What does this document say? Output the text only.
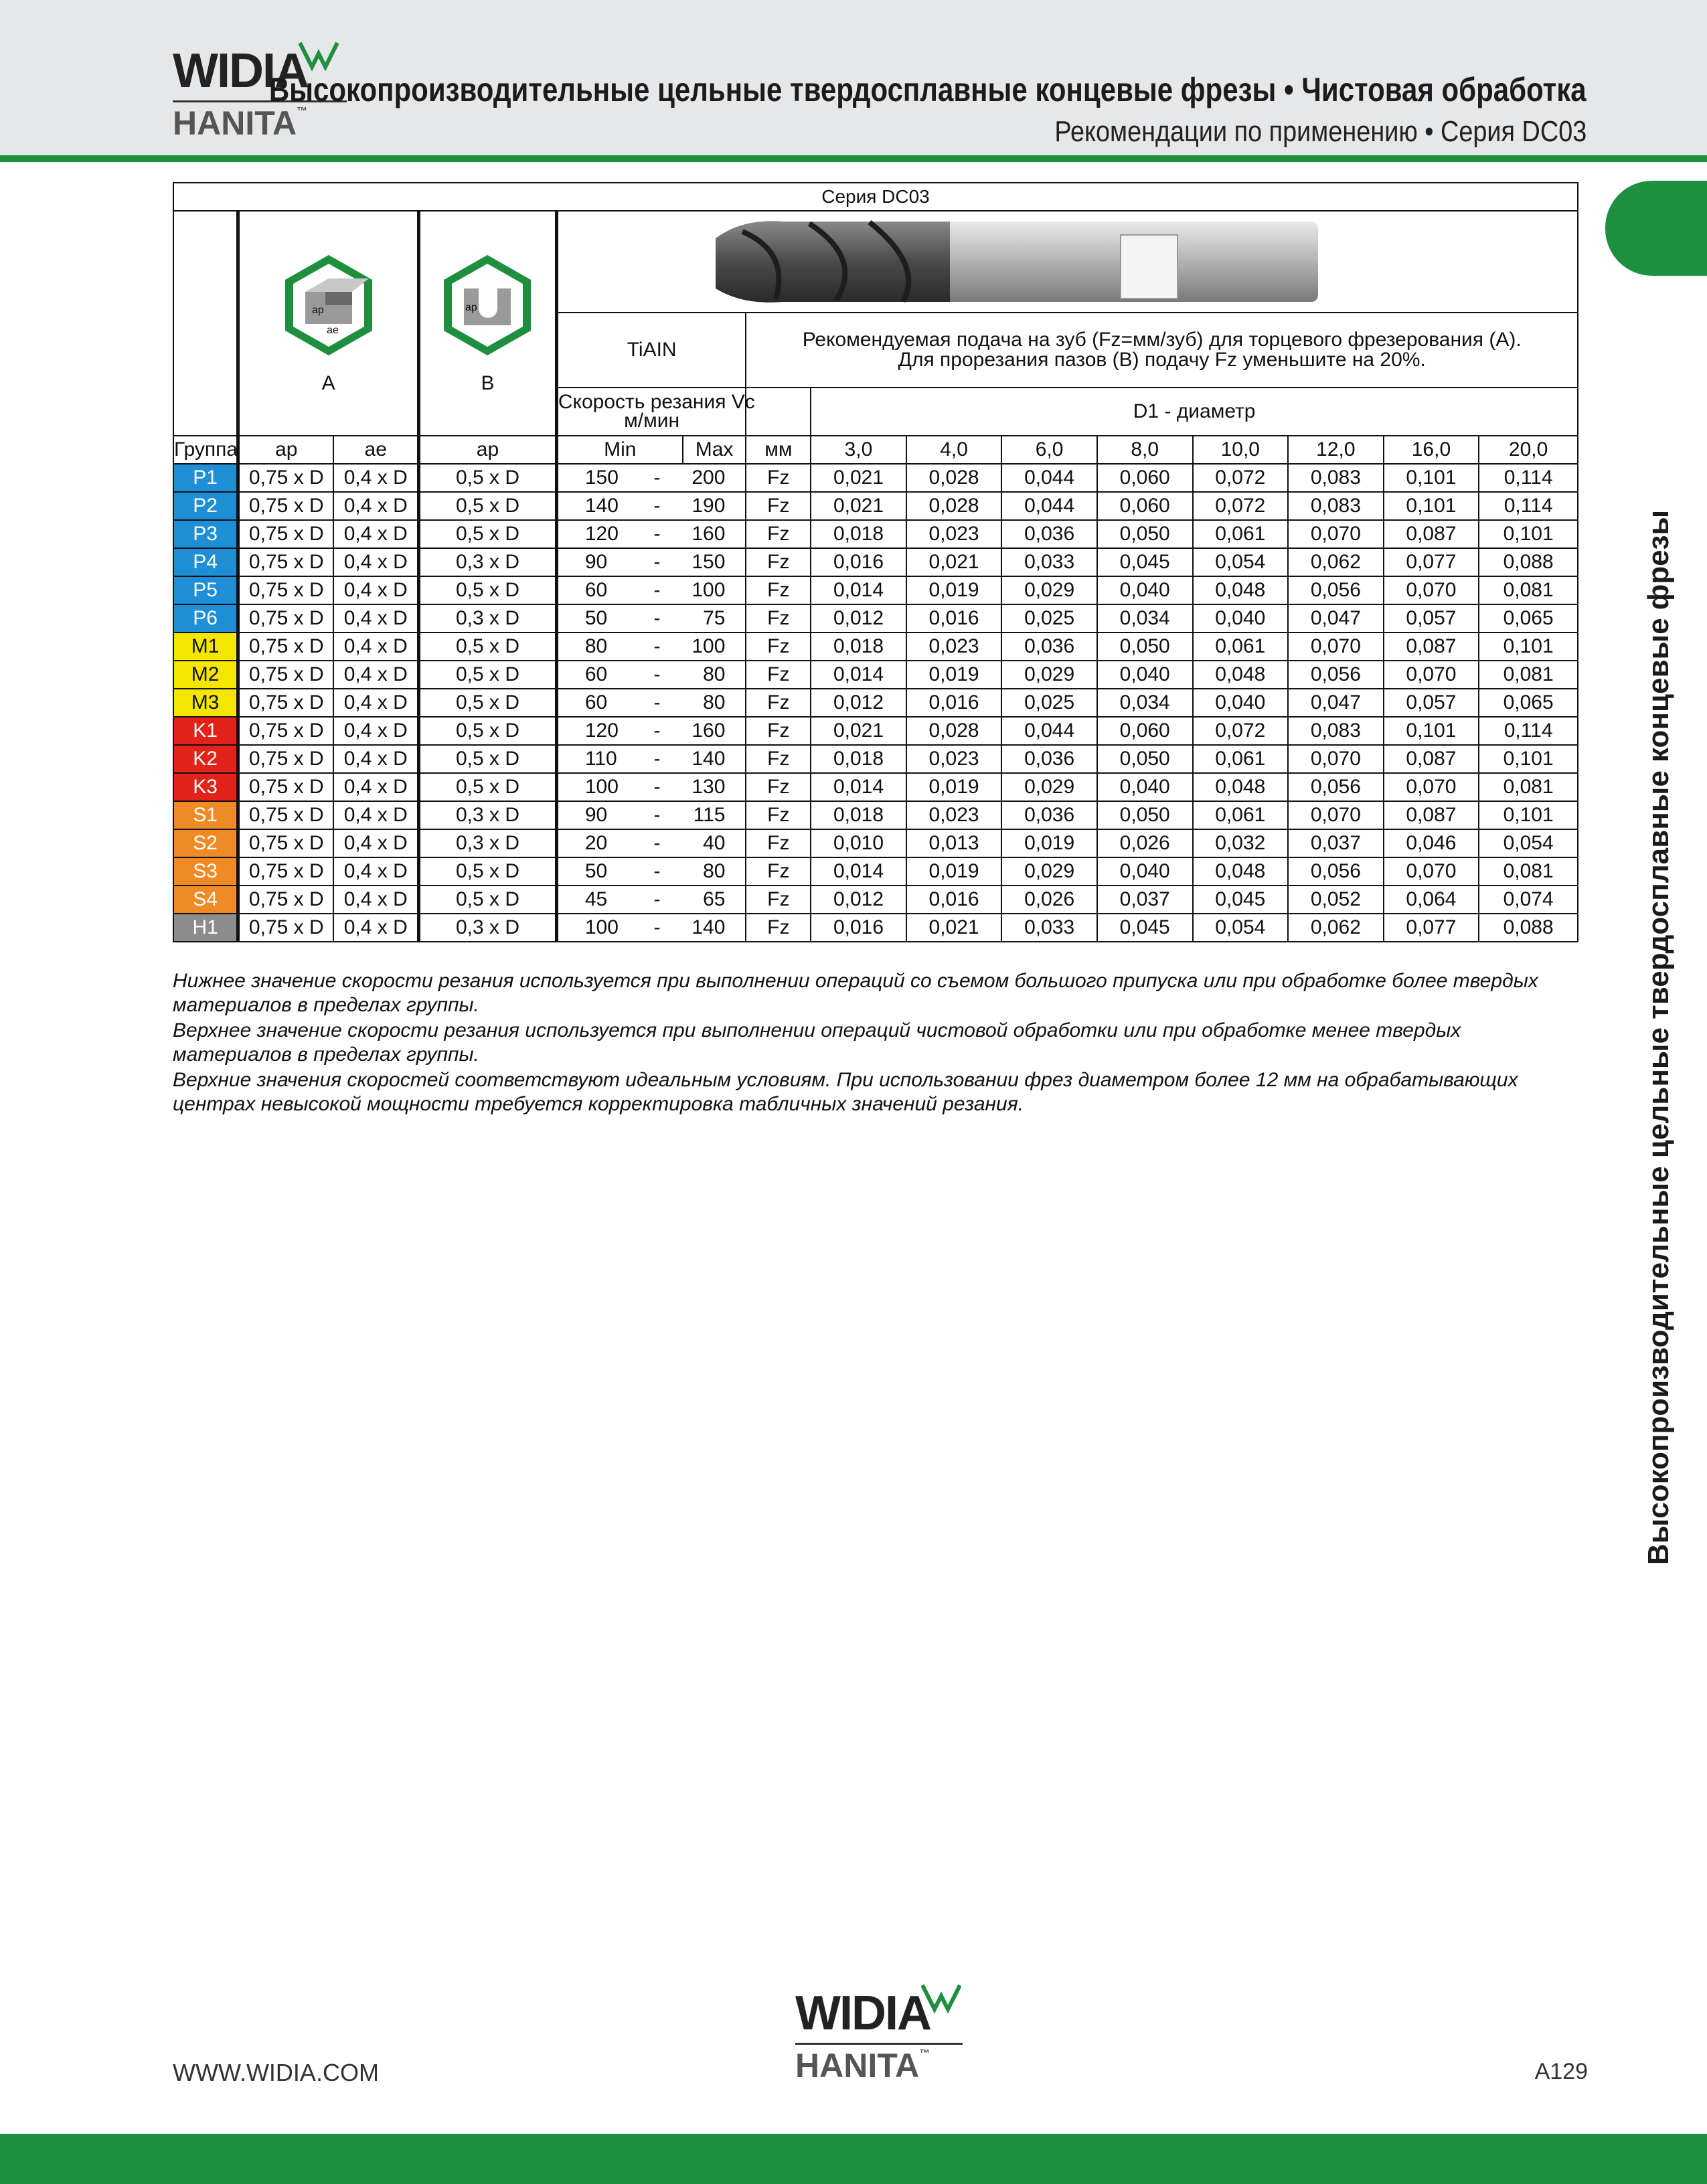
WIDIA
HANITA™
Высокопроизводительные цельные твердосплавные концевые фрезы • Чистовая обработка
Рекомендации по применению • Серия DC03
Высокопроизводительные цельные твердосплавные концевые фрезы
Серия DC03															

ap
ae
A		ap
B

				TiAIN			Рекомендуемая подача на зуб (Fz=мм/зуб) для торцевого фрезерования (A).
Для прорезания пазов (B) подачу Fz уменьшите на 20%.								

				Скорость резания Vc
м/мин				D1 - диаметр							
Группа	ap	ae	ap	Min		Max	мм	3,0	4,0	6,0	8,0	10,0	12,0	16,0	20,0
P1	0,75 x D	0,4 x D	0,5 x D	150	-	200	Fz	0,021	0,028	0,044	0,060	0,072	0,083	0,101	0,114
P2	0,75 x D	0,4 x D	0,5 x D	140	-	190	Fz	0,021	0,028	0,044	0,060	0,072	0,083	0,101	0,114
P3	0,75 x D	0,4 x D	0,5 x D	120	-	160	Fz	0,018	0,023	0,036	0,050	0,061	0,070	0,087	0,101
P4	0,75 x D	0,4 x D	0,3 x D	90	-	150	Fz	0,016	0,021	0,033	0,045	0,054	0,062	0,077	0,088
P5	0,75 x D	0,4 x D	0,5 x D	60	-	100	Fz	0,014	0,019	0,029	0,040	0,048	0,056	0,070	0,081
P6	0,75 x D	0,4 x D	0,3 x D	50	-	75	Fz	0,012	0,016	0,025	0,034	0,040	0,047	0,057	0,065
M1	0,75 x D	0,4 x D	0,5 x D	80	-	100	Fz	0,018	0,023	0,036	0,050	0,061	0,070	0,087	0,101
M2	0,75 x D	0,4 x D	0,5 x D	60	-	80	Fz	0,014	0,019	0,029	0,040	0,048	0,056	0,070	0,081
M3	0,75 x D	0,4 x D	0,5 x D	60	-	80	Fz	0,012	0,016	0,025	0,034	0,040	0,047	0,057	0,065
K1	0,75 x D	0,4 x D	0,5 x D	120	-	160	Fz	0,021	0,028	0,044	0,060	0,072	0,083	0,101	0,114
K2	0,75 x D	0,4 x D	0,5 x D	110	-	140	Fz	0,018	0,023	0,036	0,050	0,061	0,070	0,087	0,101
K3	0,75 x D	0,4 x D	0,5 x D	100	-	130	Fz	0,014	0,019	0,029	0,040	0,048	0,056	0,070	0,081
S1	0,75 x D	0,4 x D	0,3 x D	90	-	115	Fz	0,018	0,023	0,036	0,050	0,061	0,070	0,087	0,101
S2	0,75 x D	0,4 x D	0,3 x D	20	-	40	Fz	0,010	0,013	0,019	0,026	0,032	0,037	0,046	0,054
S3	0,75 x D	0,4 x D	0,5 x D	50	-	80	Fz	0,014	0,019	0,029	0,040	0,048	0,056	0,070	0,081
S4	0,75 x D	0,4 x D	0,5 x D	45	-	65	Fz	0,012	0,016	0,026	0,037	0,045	0,052	0,064	0,074
H1	0,75 x D	0,4 x D	0,3 x D	100	-	140	Fz	0,016	0,021	0,033	0,045	0,054	0,062	0,077	0,088

Нижнее значение скорости резания используется при выполнении операций со съемом большого припуска или при обработке более твердых материалов в пределах группы.

Верхнее значение скорости резания используется при выполнении операций чистовой обработки или при обработке менее твердых материалов в пределах группы.

Верхние значения скоростей соответствуют идеальным условиям. При использовании фрез диаметром более 12 мм на обрабатывающих центрах невысокой мощности требуется корректировка табличных значений резания.

WIDIA
HANITA™
WWW.WIDIA.COM	A129
